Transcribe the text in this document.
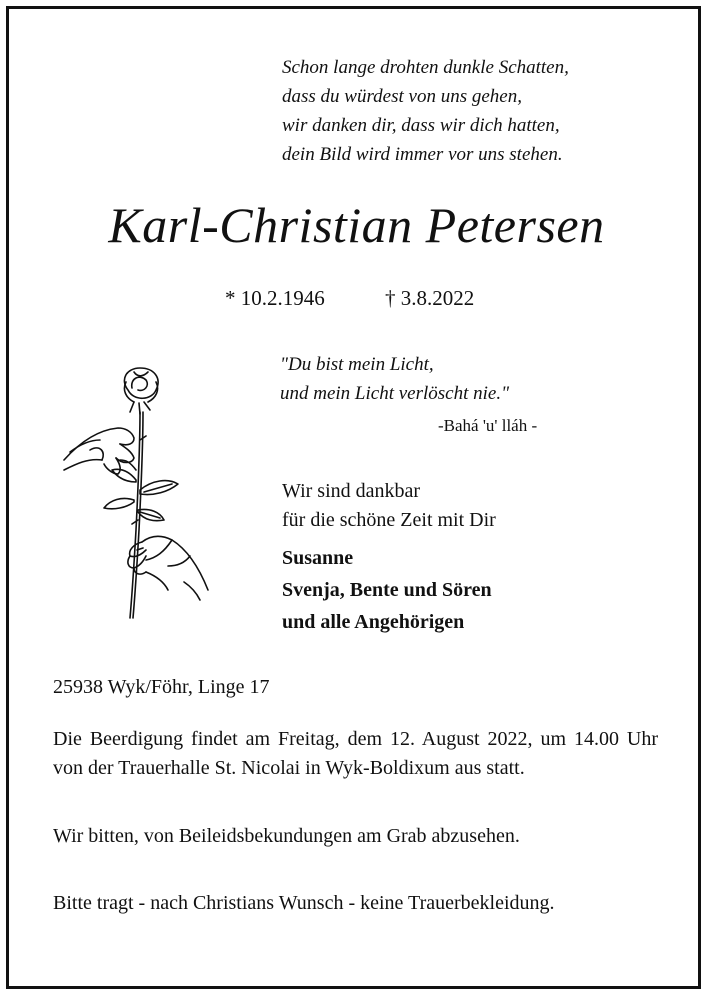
Schon lange drohten dunkle Schatten,
dass du würdest von uns gehen,
wir danken dir, dass wir dich hatten,
dein Bild wird immer vor uns stehen.
Karl-Christian Petersen
* 10.2.1946	† 3.8.2022
"Du bist mein Licht,
und mein Licht verlöscht nie."
-Bahá 'u' lláh -
Wir sind dankbar
für die schöne Zeit mit Dir
Susanne
Svenja, Bente und Sören
und alle Angehörigen
25938 Wyk/Föhr, Linge 17
Die Beerdigung findet am Freitag, dem 12. August 2022, um 14.00 Uhr von der Trauerhalle St. Nicolai in Wyk-Boldixum aus statt.
Wir bitten, von Beileidsbekundungen am Grab abzusehen.
Bitte tragt - nach Christians Wunsch - keine Trauerbekleidung.
